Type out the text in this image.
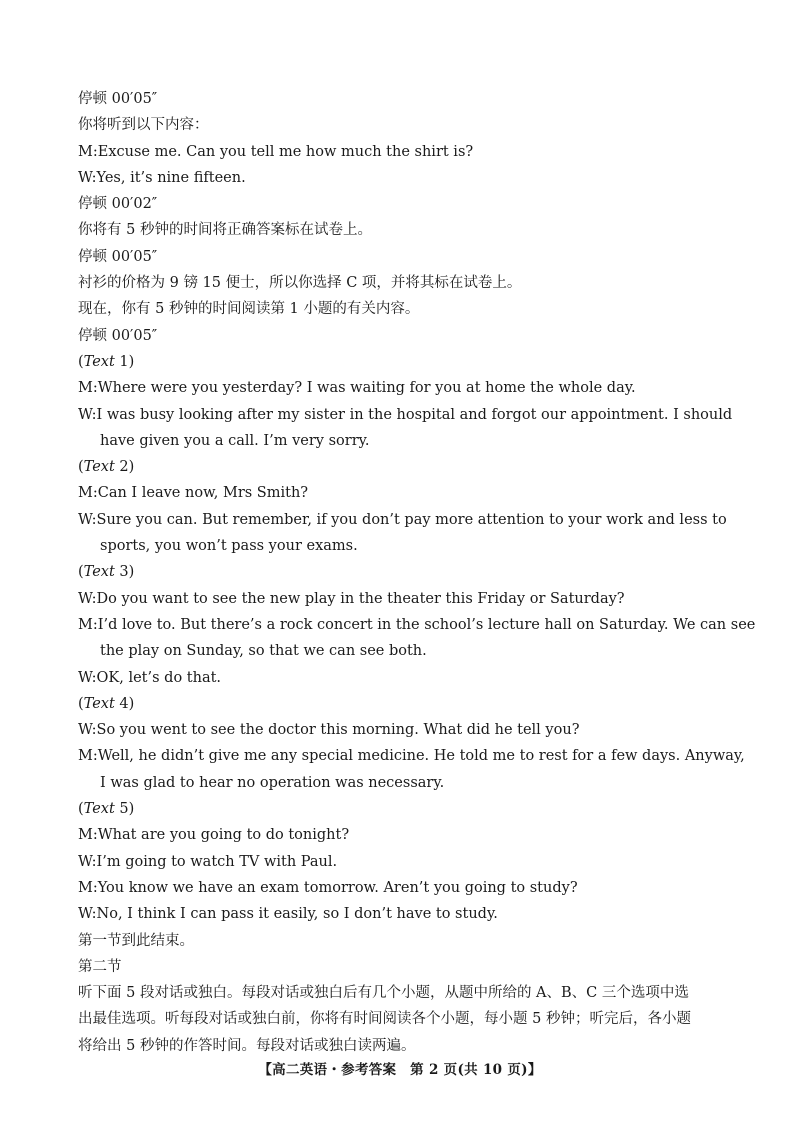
停顿 00′05″
你将听到以下内容：
M:Excuse me. Can you tell me how much the shirt is?
W:Yes, it’s nine fifteen.
停顿 00′02″
你将有 5 秒钟的时间将正确答案标在试卷上。
停顿 00′05″
衬衫的价格为 9 镑 15 便士，所以你选择 C 项，并将其标在试卷上。
现在，你有 5 秒钟的时间阅读第 1 小题的有关内容。
停顿 00′05″
(Text 1)
M:Where were you yesterday? I was waiting for you at home the whole day.
W:I was busy looking after my sister in the hospital and forgot our appointment. I should
have given you a call. I’m very sorry.
(Text 2)
M:Can I leave now, Mrs Smith?
W:Sure you can. But remember, if you don’t pay more attention to your work and less to
sports, you won’t pass your exams.
(Text 3)
W:Do you want to see the new play in the theater this Friday or Saturday?
M:I’d love to. But there’s a rock concert in the school’s lecture hall on Saturday. We can see
the play on Sunday, so that we can see both.
W:OK, let’s do that.
(Text 4)
W:So you went to see the doctor this morning. What did he tell you?
M:Well, he didn’t give me any special medicine. He told me to rest for a few days. Anyway,
I was glad to hear no operation was necessary.
(Text 5)
M:What are you going to do tonight?
W:I’m going to watch TV with Paul.
M:You know we have an exam tomorrow. Aren’t you going to study?
W:No, I think I can pass it easily, so I don’t have to study.
第一节到此结束。
第二节
听下面 5 段对话或独白。每段对话或独白后有几个小题，从题中所给的 A、B、C 三个选项中选
出最佳选项。听每段对话或独白前，你将有时间阅读各个小题，每小题 5 秒钟；听完后，各小题
将给出 5 秒钟的作答时间。每段对话或独白读两遍。
【高二英语・参考答案　第 2 页(共 10 页)】
